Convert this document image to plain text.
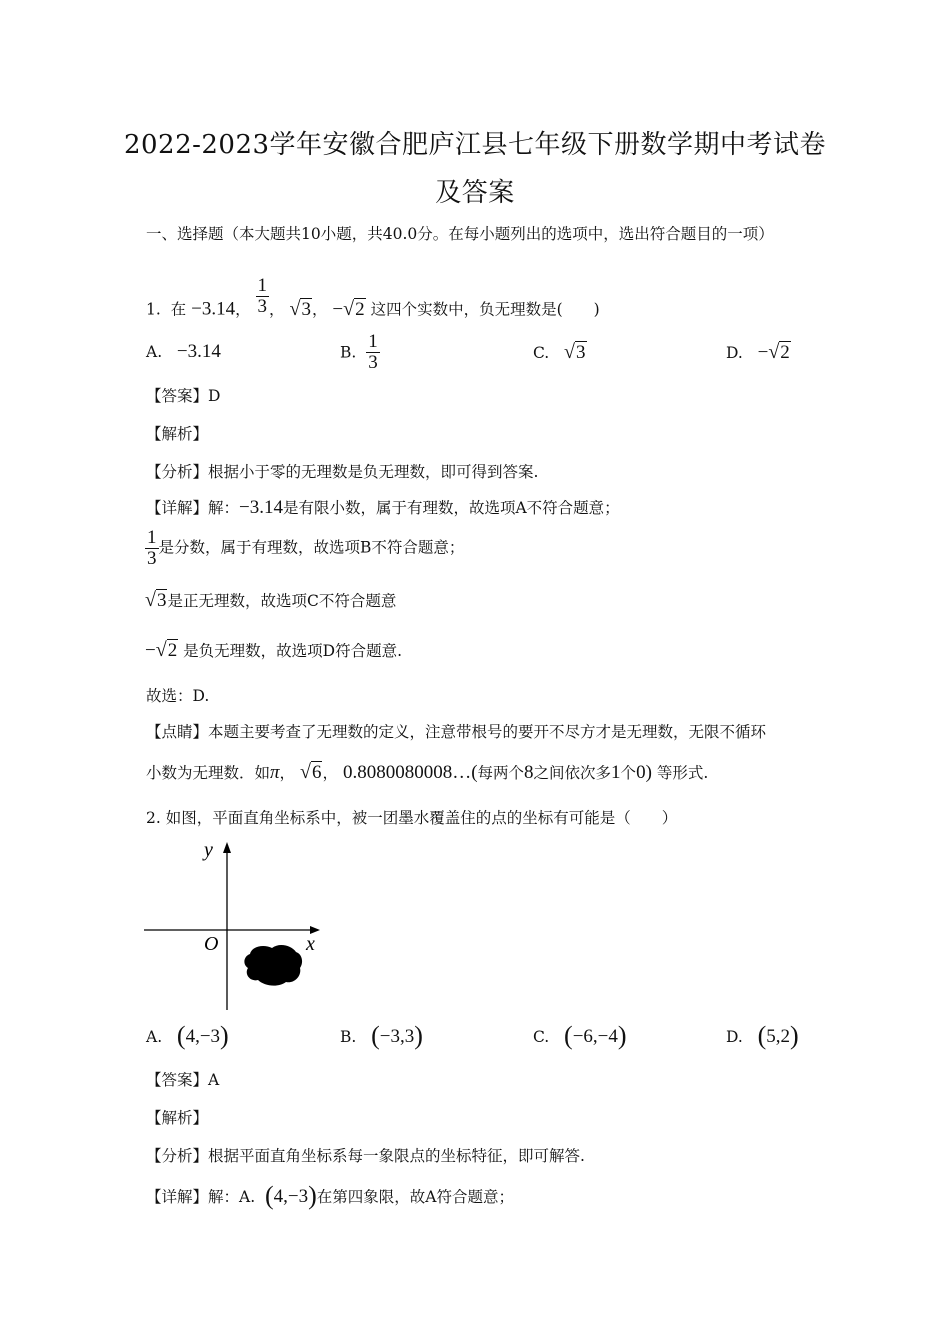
2022-2023学年安徽合肥庐江县七年级下册数学期中考试卷
及答案
一、选择题（本大题共10小题，共40.0分。在每小题列出的选项中，选出符合题目的一项）
1. 在 −3.14， $\frac{1}{3}$ ， √3， −√2 这四个实数中，负无理数是(　　)
A. −3.14	B. $\frac{1}{3}$	C. √3	D. −√2
【答案】D
【解析】
【分析】根据小于零的无理数是负无理数，即可得到答案.
【详解】解：−3.14是有限小数，属于有理数，故选项A不符合题意；
$\frac{1}{3}$ 是分数，属于有理数，故选项B不符合题意；
√3是正无理数，故选项C不符合题意
−√2 是负无理数，故选项D符合题意.
故选：D.
【点睛】本题主要考查了无理数的定义，注意带根号的要开不尽方才是无理数，无限不循环
小数为无理数．如π， √6， 0.8080080008…(每两个8之间依次多1个0) 等形式.
2. 如图，平面直角坐标系中，被一团墨水覆盖住的点的坐标有可能是（　　）
y
x
O
A. (4,−3)	B. (−3,3)	C. (−6,−4)	D. (5,2)
【答案】A
【解析】
【分析】根据平面直角坐标系每一象限点的坐标特征，即可解答.
【详解】解：A. (4,−3)在第四象限，故A符合题意；
